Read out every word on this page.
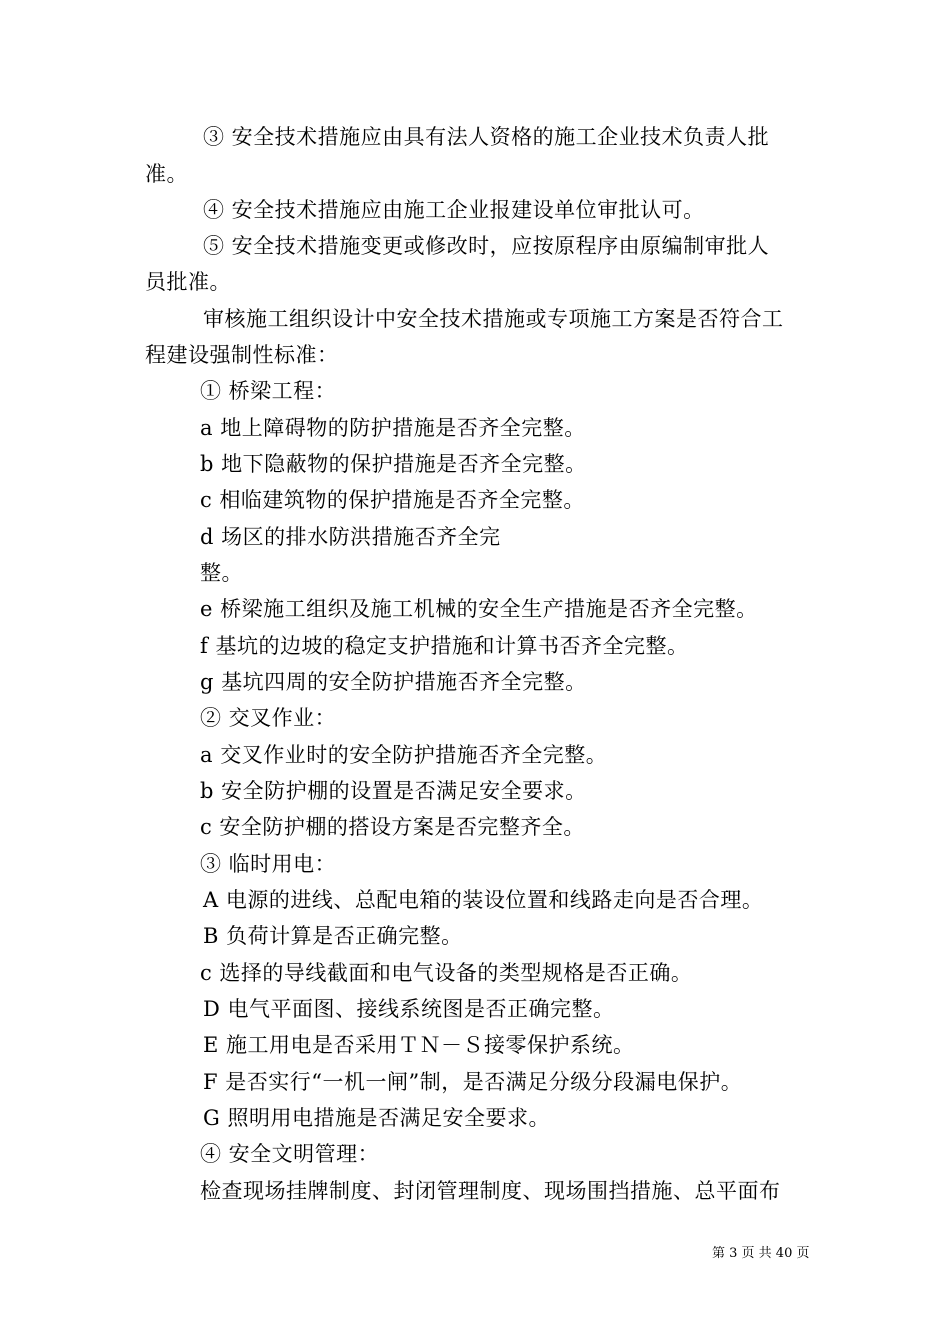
③ 安全技术措施应由具有法人资格的施工企业技术负责人批
准。
④ 安全技术措施应由施工企业报建设单位审批认可。
⑤ 安全技术措施变更或修改时，应按原程序由原编制审批人
员批准。
审核施工组织设计中安全技术措施或专项施工方案是否符合工
程建设强制性标准：
① 桥梁工程：
a 地上障碍物的防护措施是否齐全完整。
b 地下隐蔽物的保护措施是否齐全完整。
c 相临建筑物的保护措施是否齐全完整。
d 场区的排水防洪措施否齐全完
整。
e 桥梁施工组织及施工机械的安全生产措施是否齐全完整。
f 基坑的边坡的稳定支护措施和计算书否齐全完整。
g 基坑四周的安全防护措施否齐全完整。
② 交叉作业：
a 交叉作业时的安全防护措施否齐全完整。
b 安全防护棚的设置是否满足安全要求。
c 安全防护棚的搭设方案是否完整齐全。
③ 临时用电：
A 电源的进线、总配电箱的装设位置和线路走向是否合理。
B 负荷计算是否正确完整。
c 选择的导线截面和电气设备的类型规格是否正确。
D 电气平面图、接线系统图是否正确完整。
E 施工用电是否采用ＴＮ－Ｓ接零保护系统。
F 是否实行“一机一闸”制，是否满足分级分段漏电保护。
G 照明用电措施是否满足安全要求。
④ 安全文明管理：
检查现场挂牌制度、封闭管理制度、现场围挡措施、总平面布
第 3 页 共 40 页
